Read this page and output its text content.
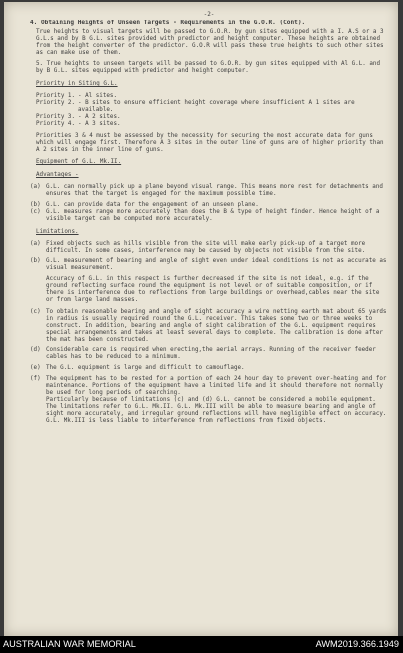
-2-
4. Obtaining Heights of Unseen Targets - Requirements in the G.O.R. (Cont).

True heights to visual targets will be passed to G.O.R. by gun sites equipped with a I. A.S or a 3 G.L.s and by B G.L. sites provided with predictor and height computer. These heights are obtained from the height converter of the predictor. G.O.R will pass these true heights to such other sites as can make use of them.

5. True heights to unseen targets will be passed to G.O.R. by gun sites equipped with Al G.L. and by B G.L. sites equipped with predictor and height computer.

Priority in Siting G.L.
Priority 1. - Al sites.
Priority 2. - B sites to ensure efficient height coverage where insufficient A 1 sites are available.
Priority 3. - A 2 sites.
Priority 4. - A 3 sites.

Priorities 3 & 4 must be assessed by the necessity for securing the most accurate data for guns which will engage first. Therefore A 3 sites in the outer line of guns are of higher priority than A 2 sites in the inner line of guns.

Equipment of G.L. Mk.II.
Advantages -
(a) G.L. can normally pick up a plane beyond visual range. This means more rest for detachments and ensures that the target is engaged for the maximum possible time.
(b) G.L. can provide data for the engagement of an unseen plane.
(c) G.L. measures range more accurately than does the B & type of height finder. Hence height of a visible target can be computed more accurately.
Limitations.
(a) Fixed objects such as hills visible from the site will make early pick-up of a target more difficult. In some cases, interference may be caused by objects not visible from the site.
(b) G.L. measurement of bearing and angle of sight even under ideal conditions is not as accurate as visual measurement.

Accuracy of G.L. in this respect is further decreased if the site is not ideal, e.g. if the ground reflecting surface round the equipment is not level or of suitable composition, or if there is interference due to reflections from large buildings or overhead,cables near the site or from large land masses.

(c) To obtain reasonable bearing and angle of sight accuracy a wire netting earth mat about 65 yards in radius is usually required round the G.L. receiver. This takes some two or three weeks to construct. In addition, bearing and angle of sight calibration of the G.L. equipment requires special arrangements and takes at least several days to complete. The calibration is done after the mat has been constructed.
(d) Considerable care is required when erecting,the aerial arrays. Running of the receiver feeder cables has to be reduced to a minimum.
(e) The G.L. equipment is large and difficult to camouflage.
(f) The equipment has to be rested for a portion of each 24 hour day to prevent over-heating and for maintenance. Portions of the equipment have a limited life and it should therefore not normally be used for long periods of searching.

Particularly because of limitations (c) and (d) G.L. cannot be considered a mobile equipment. The limitations refer to G.L. Mk.II. G.L. Mk.III will be able to measure bearing and angle of sight more accurately, and irregular ground reflections will have negligible effect on accuracy. G.L. Mk.III is less liable to interference from reflections from fixed objects.

AUSTRALIAN WAR MEMORIAL	AWM2019.366.1949
